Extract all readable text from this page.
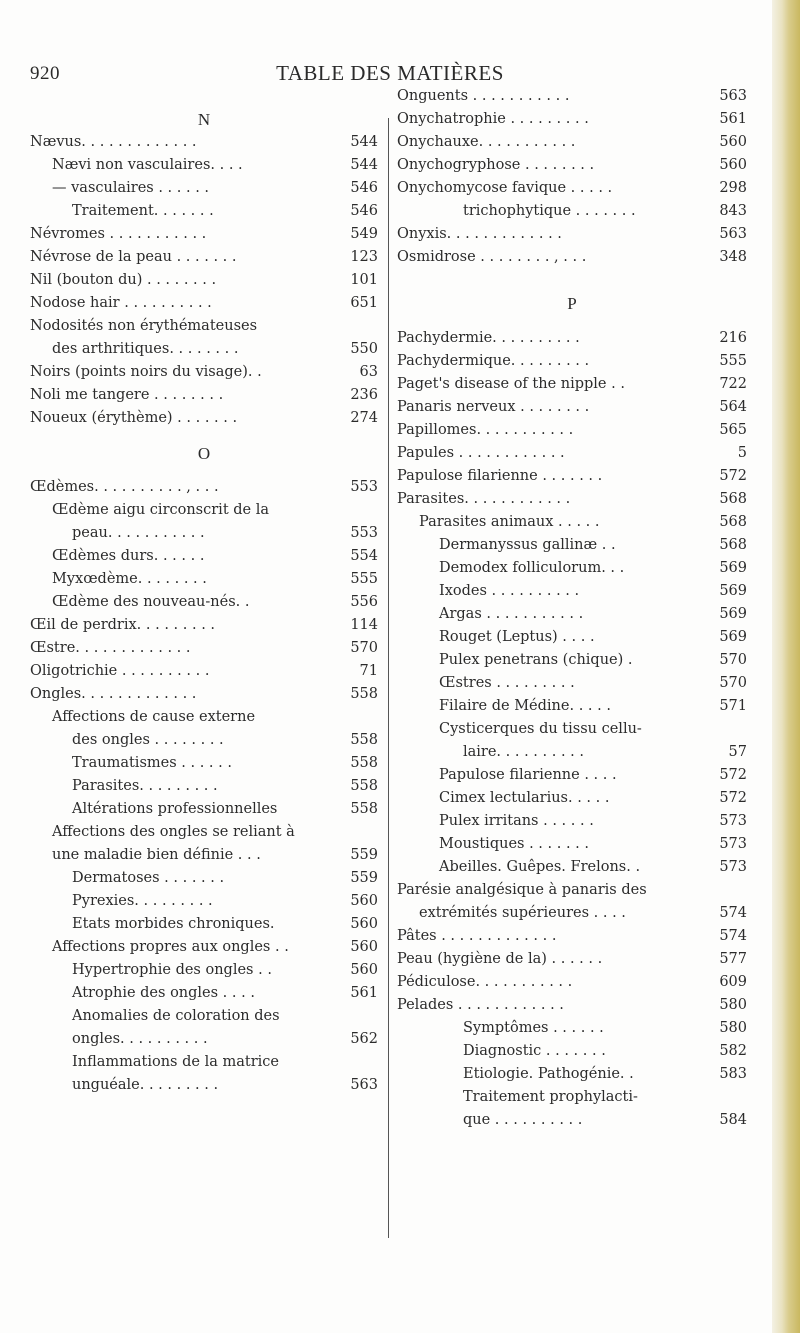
920	TABLE DES MATIÈRES
N
Nævus. . . . . . . . . . . . .	544
Nævi non vasculaires. . . .	544
— vasculaires . . . . . .	546
Traitement. . . . . . .	546
Névromes . . . . . . . . . . .	549
Névrose de la peau . . . . . . .	123
Nil (bouton du) . . . . . . . .	101
Nodose hair . . . . . . . . . .	651
Nodosités non érythémateuses
des arthritiques. . . . . . . .	550
Noirs (points noirs du visage). .	63
Noli me tangere . . . . . . . .	236
Noueux (érythème) . . . . . . .	274
O
Œdèmes. . . . . . . . . . , . . .	553
Œdème aigu circonscrit de la
peau. . . . . . . . . . .	553
Œdèmes durs. . . . . .	554
Myxœdème. . . . . . . .	555
Œdème des nouveau-nés. .	556
Œil de perdrix. . . . . . . . .	114
Œstre. . . . . . . . . . . . .	570
Oligotrichie . . . . . . . . . .	71
Ongles. . . . . . . . . . . . .	558
Affections de cause externe
des ongles . . . . . . . .	558
Traumatismes . . . . . .	558
Parasites. . . . . . . . .	558
Altérations professionnelles	558
Affections des ongles se reliant à
une maladie bien définie . . .	559
Dermatoses . . . . . . .	559
Pyrexies. . . . . . . . .	560
Etats morbides chroniques.	560
Affections propres aux ongles . .	560
Hypertrophie des ongles . .	560
Atrophie des ongles . . . .	561
Anomalies de coloration des
ongles. . . . . . . . . .	562
Inflammations de la matrice
unguéale. . . . . . . . .	563
Onguents . . . . . . . . . . .	563
Onychatrophie . . . . . . . . .	561
Onychauxe. . . . . . . . . . .	560
Onychogryphose . . . . . . . .	560
Onychomycose favique . . . . .	298
trichophytique . . . . . . .	843
Onyxis. . . . . . . . . . . . .	563
Osmidrose . . . . . . . . , . . .	348
P
Pachydermie. . . . . . . . . .	216
Pachydermique. . . . . . . . .	555
Paget's disease of the nipple . .	722
Panaris nerveux . . . . . . . .	564
Papillomes. . . . . . . . . . .	565
Papules . . . . . . . . . . . .	5
Papulose filarienne . . . . . . .	572
Parasites. . . . . . . . . . . .	568
Parasites animaux . . . . .	568
Dermanyssus gallinæ . .	568
Demodex folliculorum. . .	569
Ixodes . . . . . . . . . .	569
Argas . . . . . . . . . . .	569
Rouget (Leptus) . . . .	569
Pulex penetrans (chique) .	570
Œstres . . . . . . . . .	570
Filaire de Médine. . . . .	571
Cysticerques du tissu cellu-
laire. . . . . . . . . .	57
Papulose filarienne . . . .	572
Cimex lectularius. . . . .	572
Pulex irritans . . . . . .	573
Moustiques . . . . . . .	573
Abeilles. Guêpes. Frelons. .	573
Parésie analgésique à panaris des
extrémités supérieures . . . .	574
Pâtes . . . . . . . . . . . . .	574
Peau (hygiène de la) . . . . . .	577
Pédiculose. . . . . . . . . . .	609
Pelades . . . . . . . . . . . .	580
Symptômes . . . . . .	580
Diagnostic . . . . . . .	582
Etiologie. Pathogénie. .	583
Traitement prophylacti-
que . . . . . . . . . .	584
